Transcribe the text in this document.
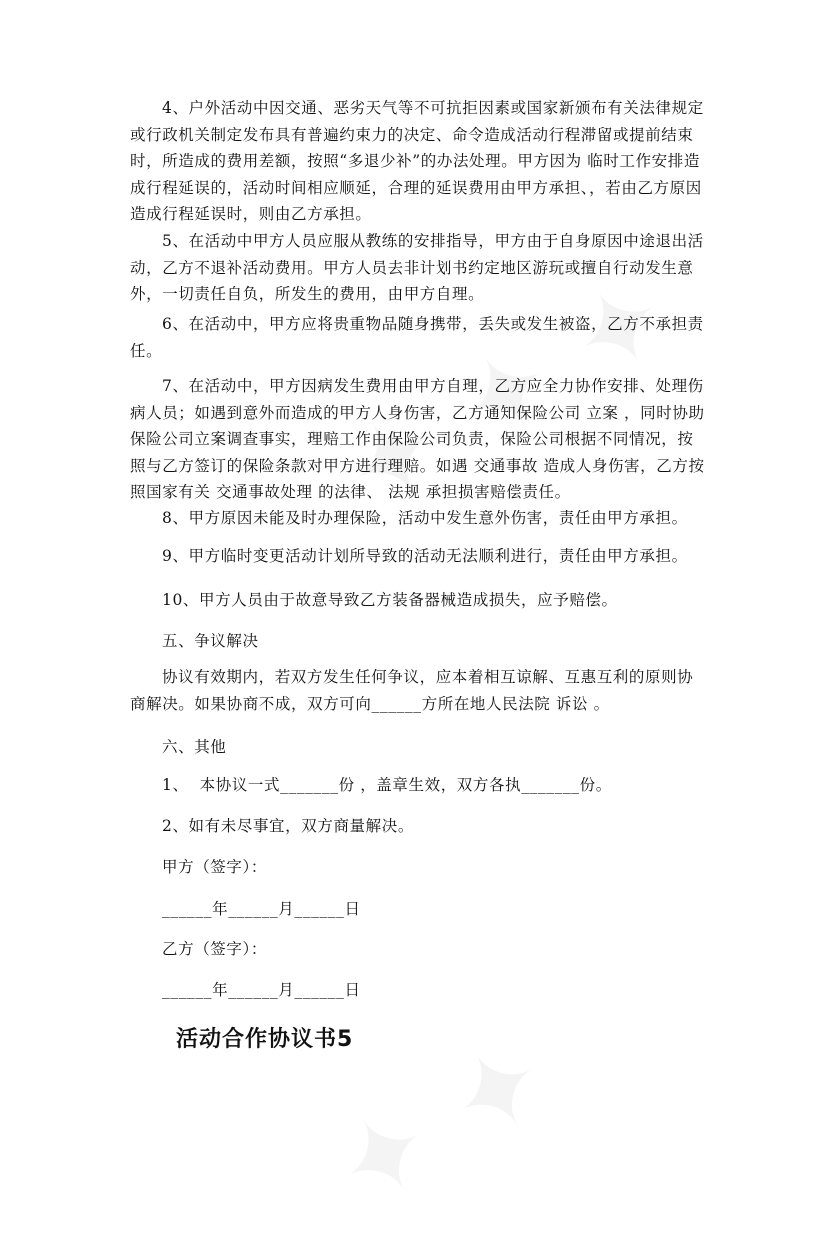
4、户外活动中因交通、恶劣天气等不可抗拒因素或国家新颁布有关法律规定或行政机关制定发布具有普遍约束力的决定、命令造成活动行程滞留或提前结束时，所造成的费用差额，按照“多退少补”的办法处理。甲方因为 临时工作安排造成行程延误的，活动时间相应顺延，合理的延误费用由甲方承担、，若由乙方原因造成行程延误时，则由乙方承担。

5、在活动中甲方人员应服从教练的安排指导，甲方由于自身原因中途退出活动，乙方不退补活动费用。甲方人员去非计划书约定地区游玩或擅自行动发生意外，一切责任自负，所发生的费用，由甲方自理。

6、在活动中，甲方应将贵重物品随身携带，丢失或发生被盗，乙方不承担责任。

7、在活动中，甲方因病发生费用由甲方自理，乙方应全力协作安排、处理伤病人员；如遇到意外而造成的甲方人身伤害，乙方通知保险公司 立案 ，同时协助保险公司立案调查事实，理赔工作由保险公司负责，保险公司根据不同情况，按照与乙方签订的保险条款对甲方进行理赔。如遇 交通事故 造成人身伤害，乙方按照国家有关 交通事故处理 的法律、 法规 承担损害赔偿责任。

8、甲方原因未能及时办理保险，活动中发生意外伤害，责任由甲方承担。
9、甲方临时变更活动计划所导致的活动无法顺利进行，责任由甲方承担。
10、甲方人员由于故意导致乙方装备器械造成损失，应予赔偿。
五、争议解决

协议有效期内，若双方发生任何争议，应本着相互谅解、互惠互利的原则协商解决。如果协商不成，双方可向______方所在地人民法院 诉讼 。

六、其他
1、  本协议一式_______份 ，盖章生效，双方各执_______份。
2、如有未尽事宜，双方商量解决。
甲方（签字）：
______年______月______日
乙方（签字）：
______年______月______日
活动合作协议书5
